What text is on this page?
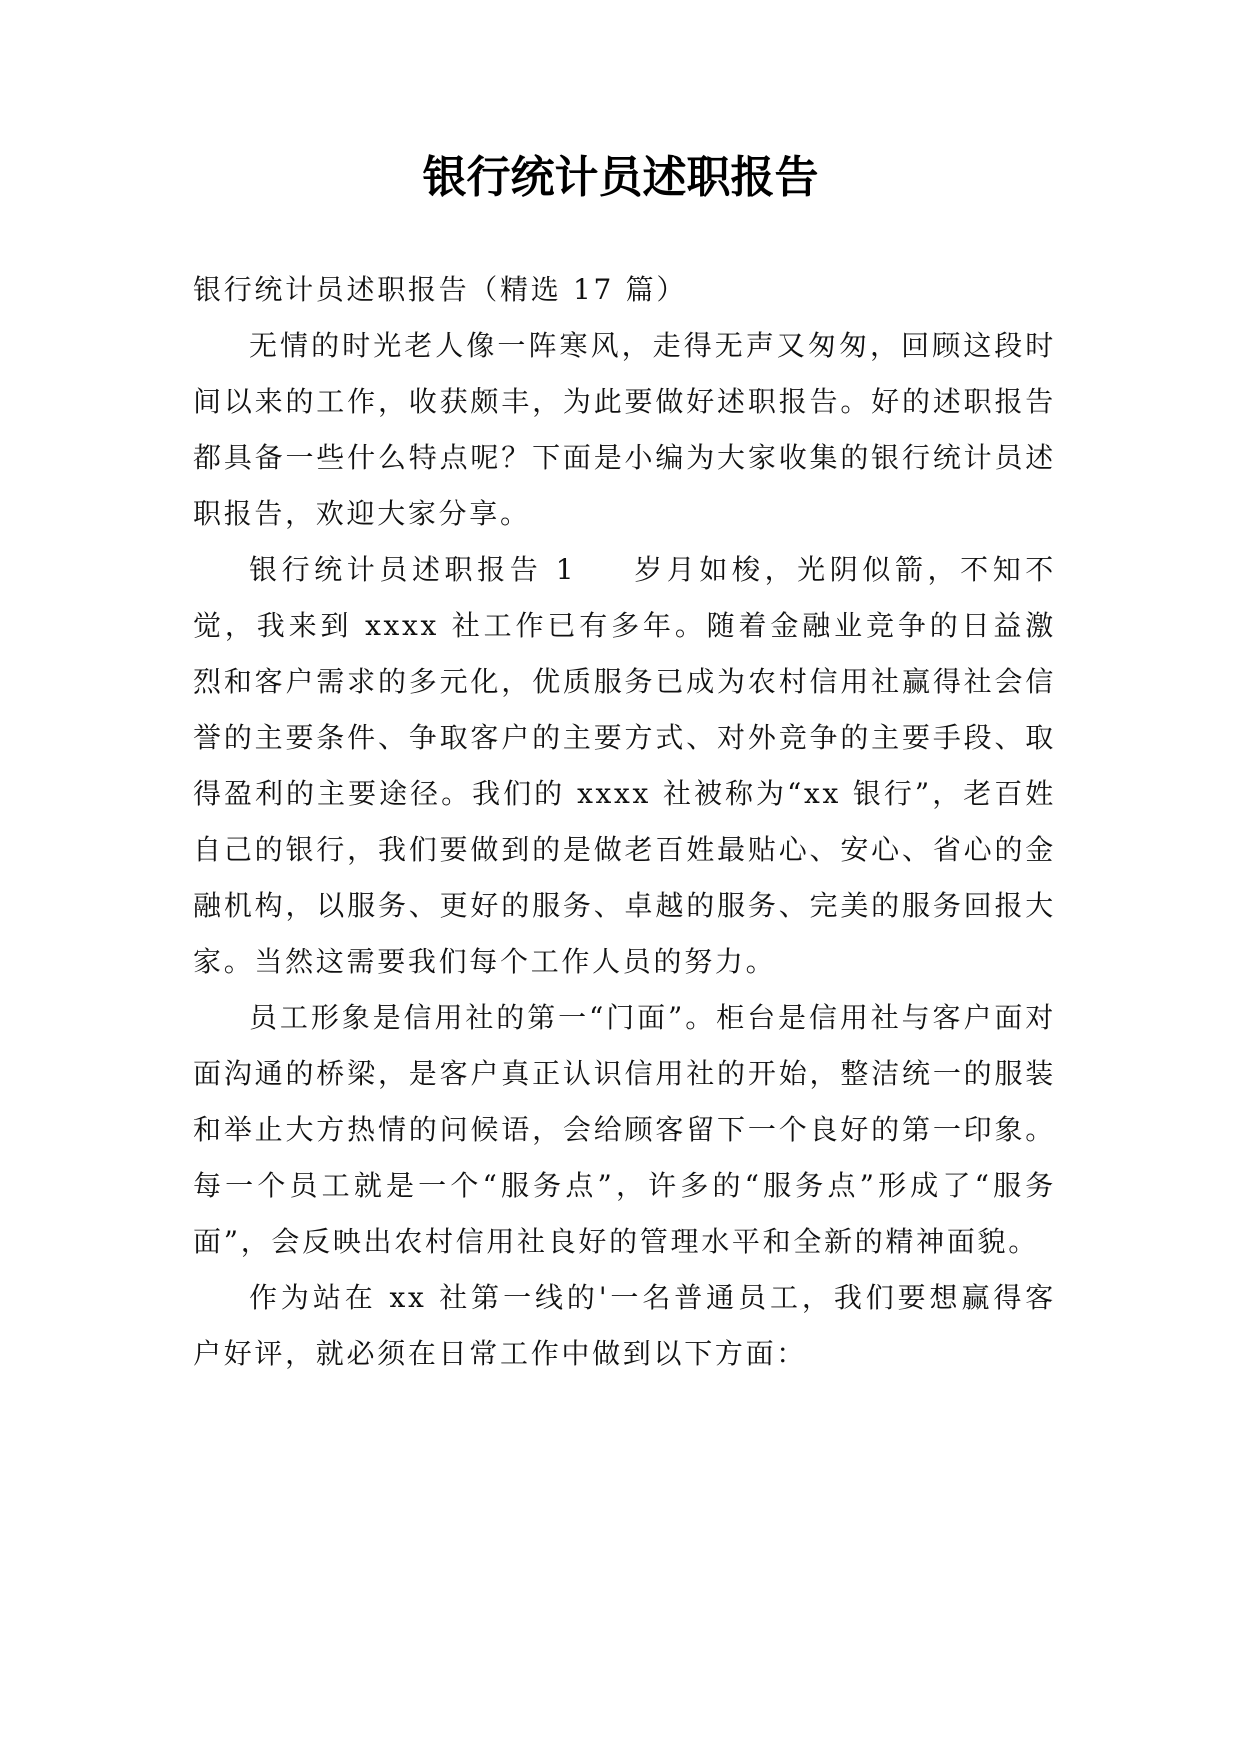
银行统计员述职报告

银行统计员述职报告（精选 17 篇）

无情的时光老人像一阵寒风，走得无声又匆匆，回顾这段时间以来的工作，收获颇丰，为此要做好述职报告。好的述职报告都具备一些什么特点呢？下面是小编为大家收集的银行统计员述职报告，欢迎大家分享。

银行统计员述职报告 1 岁月如梭，光阴似箭，不知不觉，我来到 xxxx 社工作已有多年。随着金融业竞争的日益激烈和客户需求的多元化，优质服务已成为农村信用社赢得社会信誉的主要条件、争取客户的主要方式、对外竞争的主要手段、取得盈利的主要途径。我们的 xxxx 社被称为“xx 银行”，老百姓自己的银行，我们要做到的是做老百姓最贴心、安心、省心的金融机构，以服务、更好的服务、卓越的服务、完美的服务回报大家。当然这需要我们每个工作人员的努力。

员工形象是信用社的第一“门面”。柜台是信用社与客户面对面沟通的桥梁，是客户真正认识信用社的开始，整洁统一的服装和举止大方热情的问候语，会给顾客留下一个良好的第一印象。每一个员工就是一个“服务点”，许多的“服务点”形成了“服务面”，会反映出农村信用社良好的管理水平和全新的精神面貌。

作为站在 xx 社第一线的'一名普通员工，我们要想赢得客户好评，就必须在日常工作中做到以下方面：
